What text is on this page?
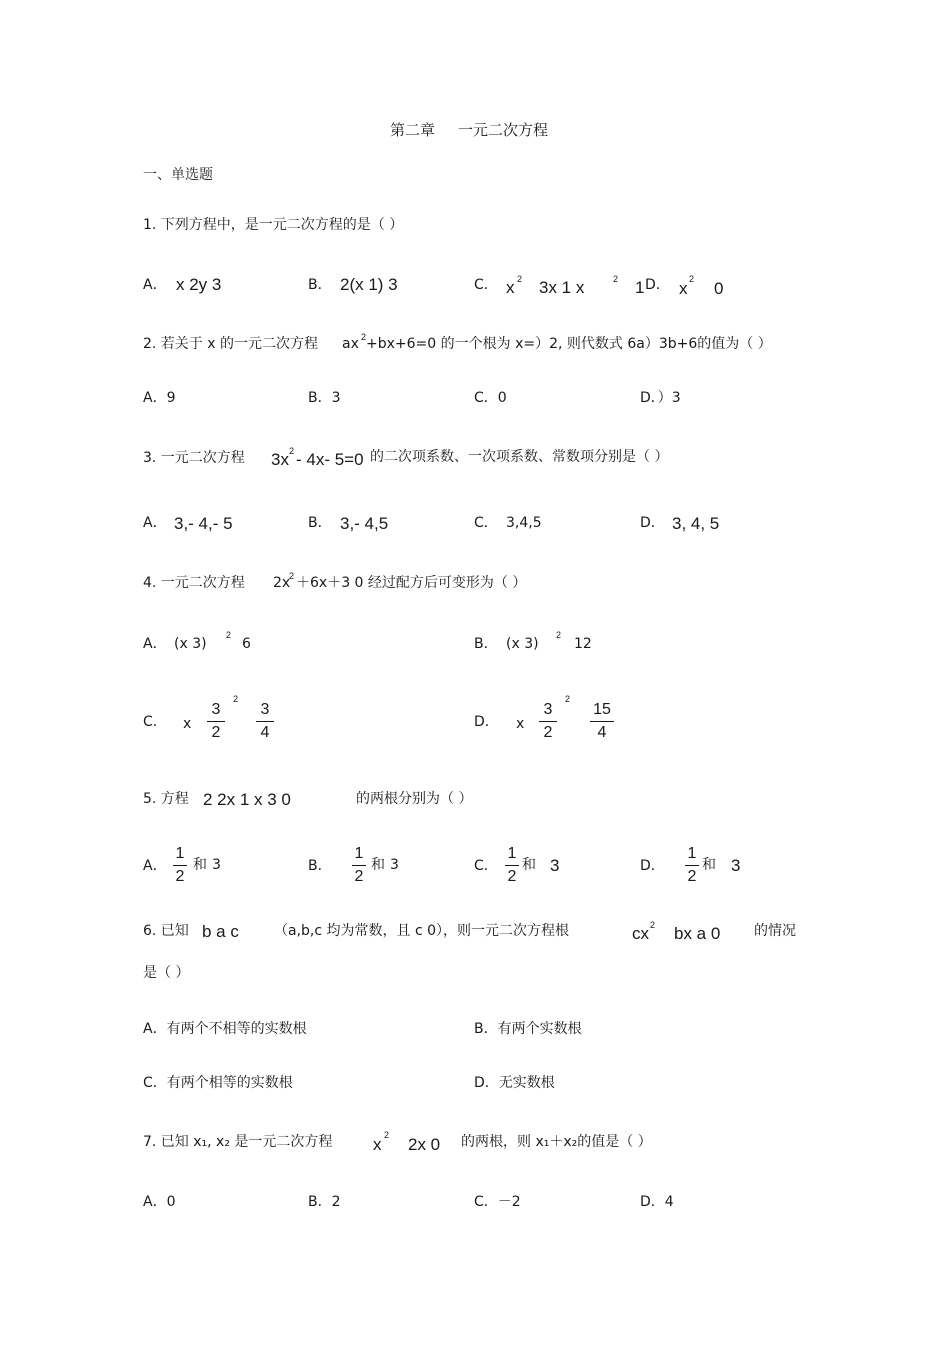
第二章 一元二次方程
一、单选题
1. 下列方程中，是一元二次方程的是（ ）
A． x 2y 3	B． 2(x 1) 3	C． x 2 3x 1 x	2 1 D． x 2 0
2. 若关于 x 的一元二次方程 ax 2 +bx+6=0 的一个根为 x=）2, 则代数式 6a）3b+6的值为（ ）
A．9	B．3	C．0	D．）3
3. 一元二次方程 3x 2 - 4x- 5=0 的二次项系数、一次项系数、常数项分别是（ ）
A． 3,- 4,- 5	B． 3,- 4,5	C． 3,4,5	D． 3, 4, 5
4. 一元二次方程 2x
2 ＋6x＋3 0 经过配方后可变形为（ ）
A． (x 3)
2
6	B． (x 3)
2
12
C． x
3
2
2
3
4
D． x
3
2
2
15
4
5. 方程 2 2x 1 x 3 0	的两根分别为（ ）
A．
1
2
和 3	B．
1
2
和 3	C．
1
2
和 3	D．
1
2
和 3
6. 已知 b a c	（a,b,c 均为常数，且 c 0），则一元二次方程根	cx 2 bx a 0 的情况
是（ ）
A．有两个不相等的实数根	B．有两个实数根
C．有两个相等的实数根	D．无实数根
7. 已知 x₁, x₂ 是一元二次方程 x 2 2x 0 的两根，则 x₁＋x₂的值是（ ）
A．0	B．2	C．－2	D．4
